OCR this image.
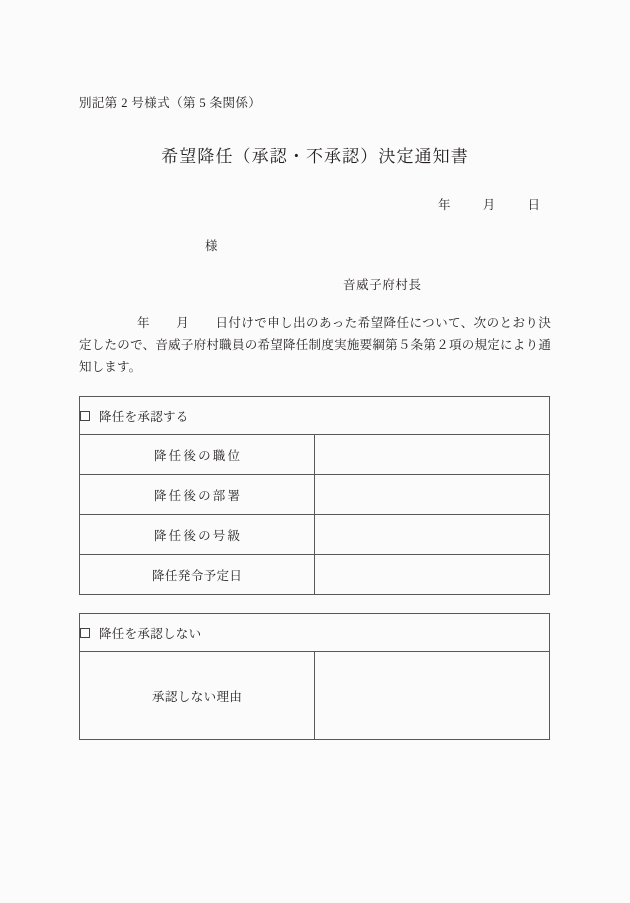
別記第 2 号様式（第 5 条関係）
希望降任（承認・不承認）決定通知書
年	月	日
様
音威子府村長
年 月 日付けで申し出のあった希望降任について、次のとおり決定したので、音威子府村職員の希望降任制度実施要綱第５条第２項の規定により通知します。
降任を承認する	
降任後の職位	
降任後の部署	
降任後の号級	
降任発令予定日	
降任を承認しない
承認しない理由	
